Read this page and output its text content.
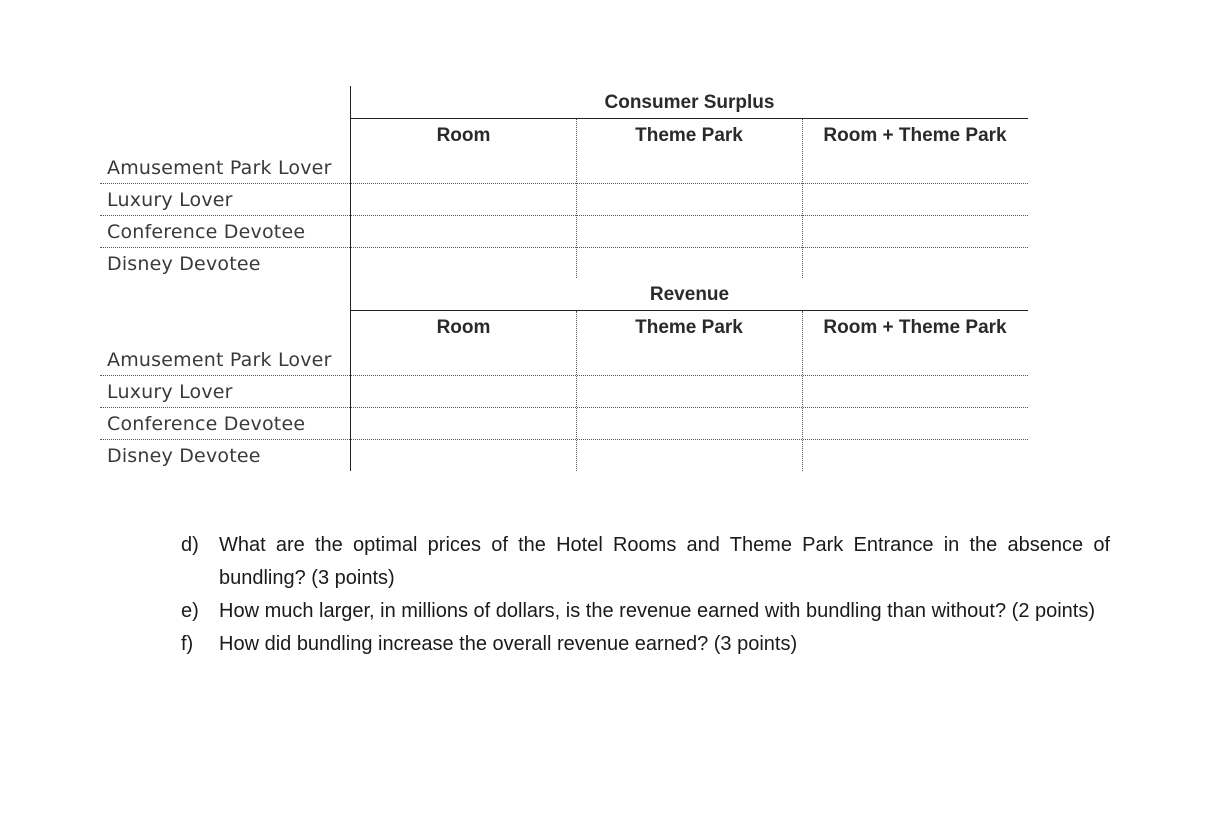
Consumer Surplus
Room	Theme Park	Room + Theme Park
Amusement Park Lover
Luxury Lover
Conference Devotee
Disney Devotee
Revenue
Room	Theme Park	Room + Theme Park
Amusement Park Lover
Luxury Lover
Conference Devotee
Disney Devotee
d) What are the optimal prices of the Hotel Rooms and Theme Park Entrance in the absence of bundling? (3 points)
e) How much larger, in millions of dollars, is the revenue earned with bundling than without? (2 points)
f) How did bundling increase the overall revenue earned? (3 points)
